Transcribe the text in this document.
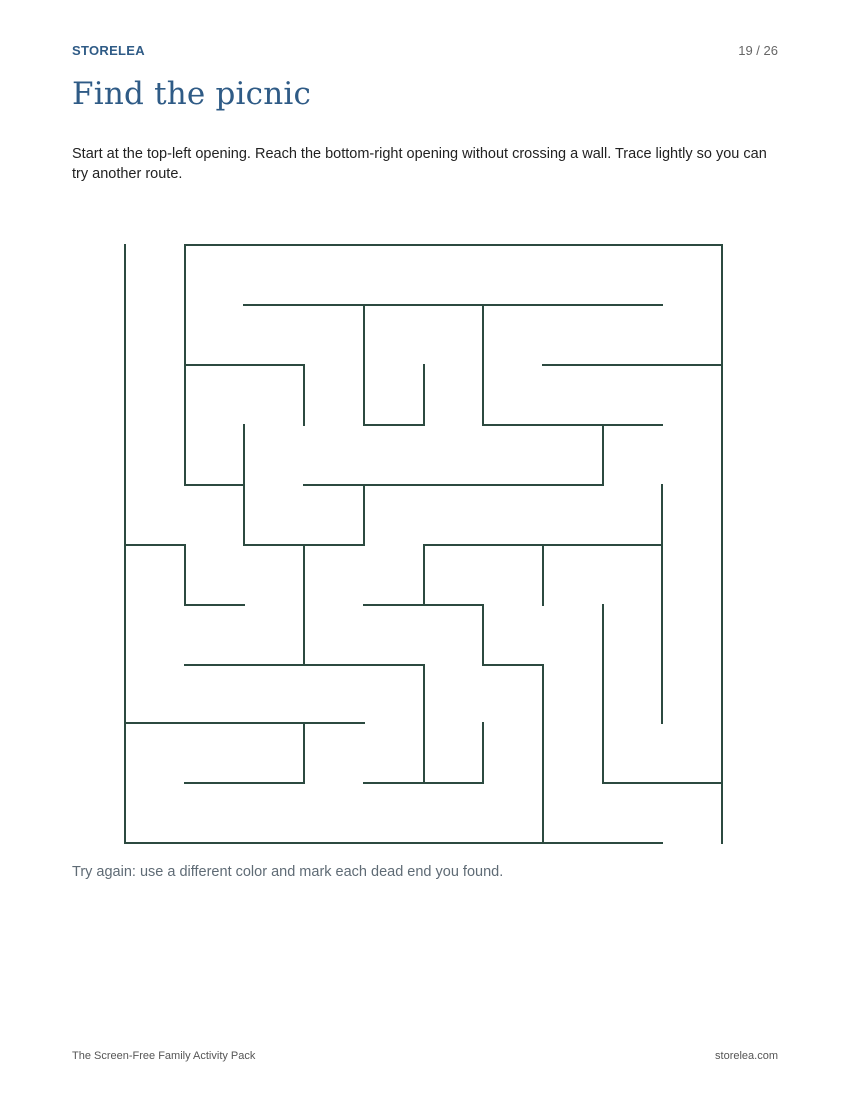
STORELEA	19 / 26
Find the picnic

Start at the top-left opening. Reach the bottom-right opening without crossing a wall. Trace lightly so you can try another route.

Try again: use a different color and mark each dead end you found.

The Screen-Free Family Activity Pack	storelea.com
